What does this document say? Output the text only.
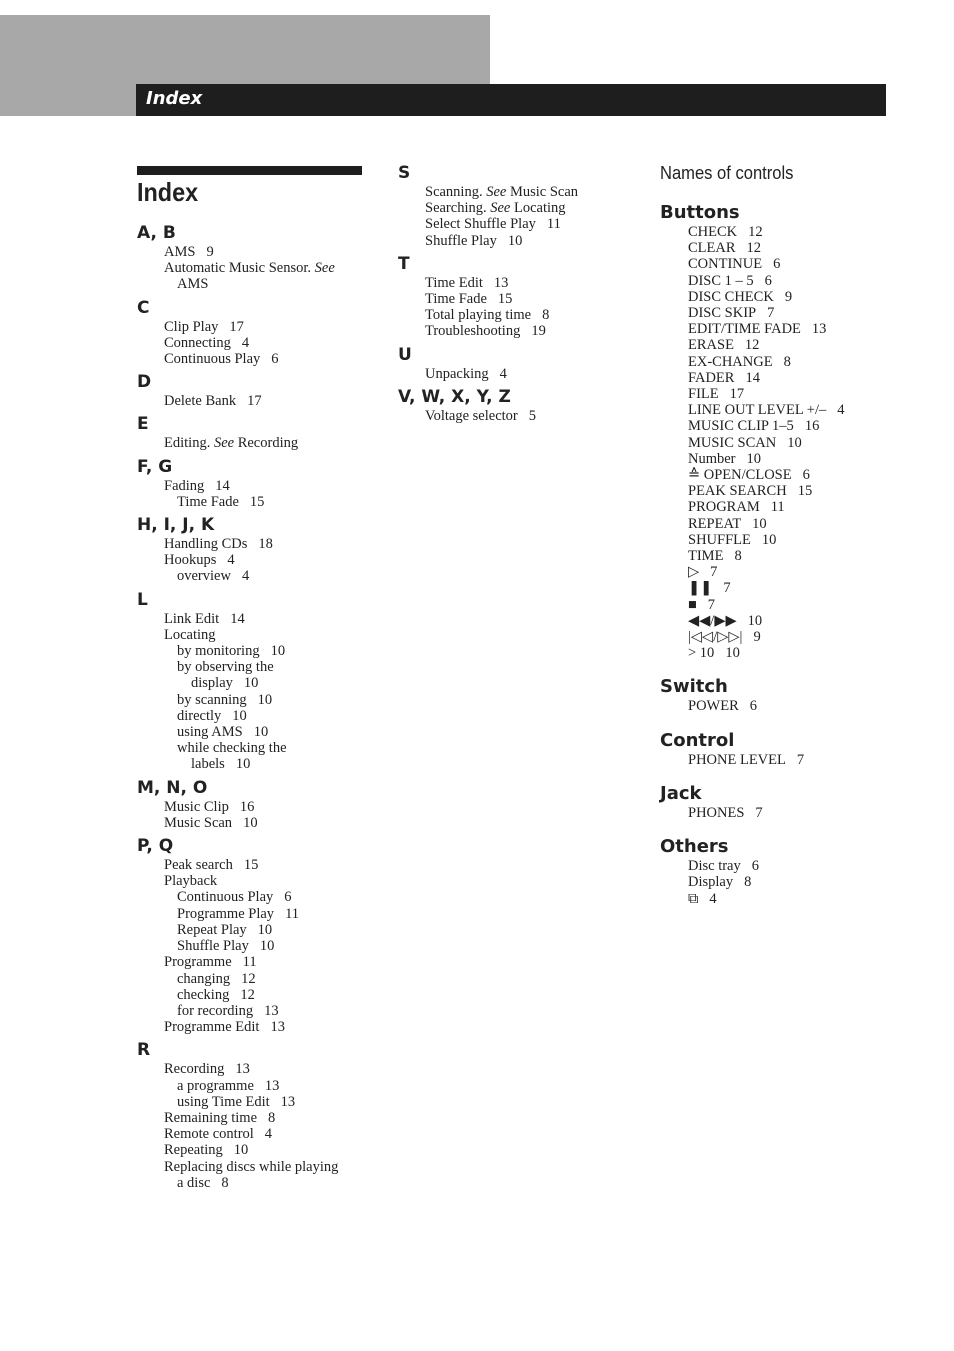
Index
Index
A, B
AMS 9
Automatic Music Sensor. See
AMS
C
Clip Play 17
Connecting 4
Continuous Play 6
D
Delete Bank 17
E
Editing. See Recording
F, G
Fading 14
Time Fade 15
H, I, J, K
Handling CDs 18
Hookups 4
overview 4
L
Link Edit 14
Locating
by monitoring 10
by observing the
display 10
by scanning 10
directly 10
using AMS 10
while checking the
labels 10
M, N, O
Music Clip 16
Music Scan 10
P, Q
Peak search 15
Playback
Continuous Play 6
Programme Play 11
Repeat Play 10
Shuffle Play 10
Programme 11
changing 12
checking 12
for recording 13
Programme Edit 13
R
Recording 13
a programme 13
using Time Edit 13
Remaining time 8
Remote control 4
Repeating 10
Replacing discs while playing
a disc 8
S
Scanning. See Music Scan
Searching. See Locating
Select Shuffle Play 11
Shuffle Play 10
T
Time Edit 13
Time Fade 15
Total playing time 8
Troubleshooting 19
U
Unpacking 4
V, W, X, Y, Z
Voltage selector 5
Names of controls
Buttons
CHECK 12
CLEAR 12
CONTINUE 6
DISC 1 – 5 6
DISC CHECK 9
DISC SKIP 7
EDIT/TIME FADE 13
ERASE 12
EX-CHANGE 8
FADER 14
FILE 17
LINE OUT LEVEL +/– 4
MUSIC CLIP 1–5 16
MUSIC SCAN 10
Number 10
≙ OPEN/CLOSE 6
PEAK SEARCH 15
PROGRAM 11
REPEAT 10
SHUFFLE 10
TIME 8
▷ 7
❚❚ 7
■ 7
◀◀/▶▶ 10
|◁◁/▷▷| 9
> 10 10
Switch
POWER 6
Control
PHONE LEVEL 7
Jack
PHONES 7
Others
Disc tray 6
Display 8
⧉ 4
